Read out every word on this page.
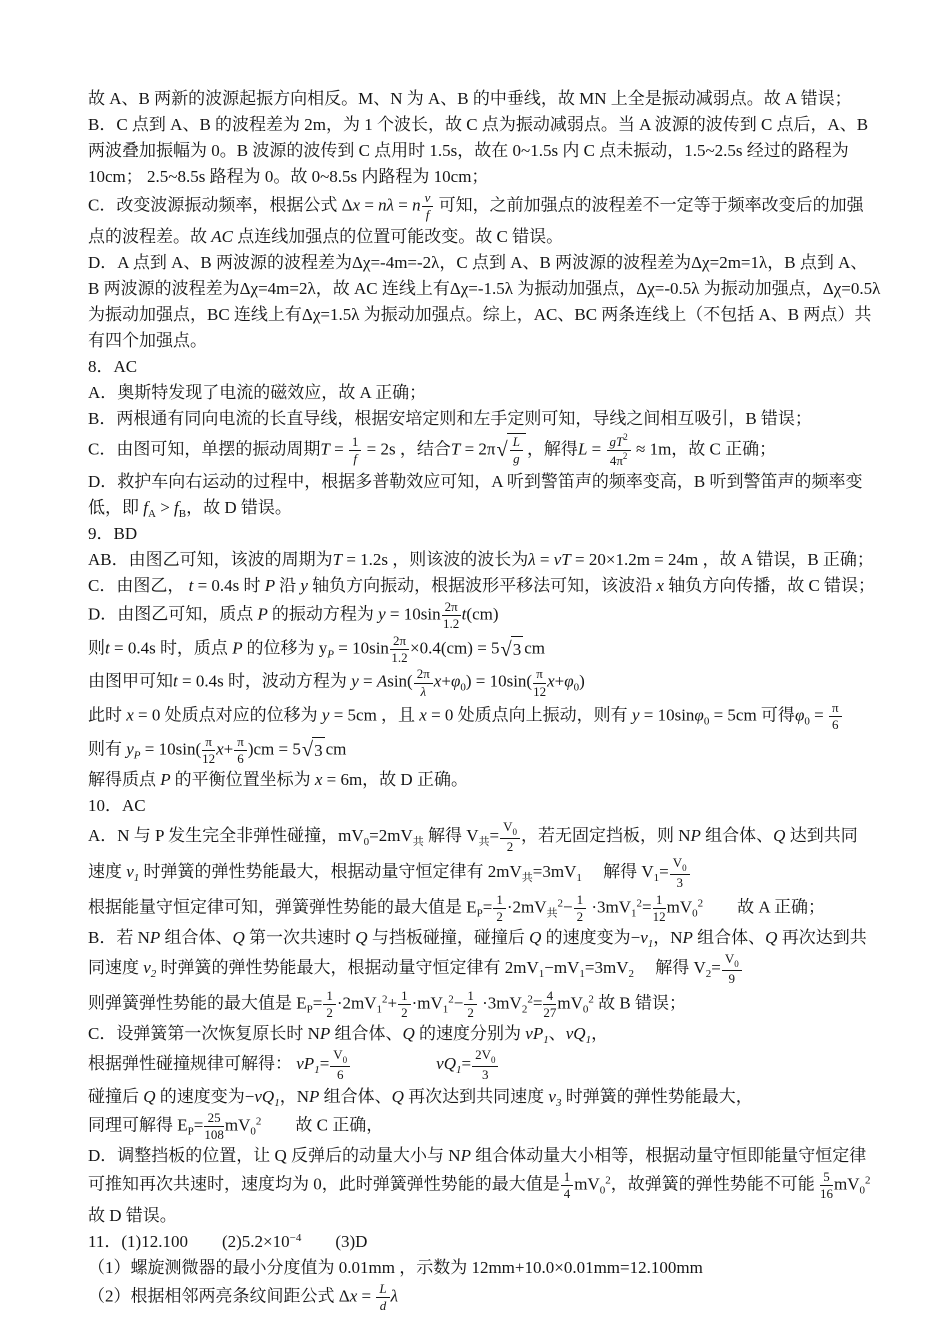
故 A、B 两新的波源起振方向相反。M、N 为 A、B 的中垂线，故 MN 上全是振动减弱点。故 A 错误；
B．C 点到 A、B 的波程差为 2m，为 1 个波长，故 C 点为振动减弱点。当 A 波源的波传到 C 点后，A、B
两波叠加振幅为 0。B 波源的波传到 C 点用时 1.5s，故在 0~1.5s 内 C 点未振动，1.5~2.5s 经过的路程为
10cm； 2.5~8.5s 路程为 0。故 0~8.5s 内路程为 10cm；
C．改变波源振动频率，根据公式 Δx = nλ = n $\frac{v}{f}$ 可知，之前加强点的波程差不一定等于频率改变后的加强
点的波程差。故 AC 点连线加强点的位置可能改变。故 C 错误。
D．A 点到 A、B 两波源的波程差为Δχ=-4m=-2λ，C 点到 A、B 两波源的波程差为Δχ=2m=1λ，B 点到 A、
B 两波源的波程差为Δχ=4m=2λ，故 AC 连线上有Δχ=-1.5λ 为振动加强点，Δχ=-0.5λ 为振动加强点，Δχ=0.5λ
为振动加强点，BC 连线上有Δχ=1.5λ 为振动加强点。综上，AC、BC 两条连线上（不包括 A、B 两点）共
有四个加强点。
8．AC
A．奥斯特发现了电流的磁效应，故 A 正确；
B．两根通有同向电流的长直导线，根据安培定则和左手定则可知，导线之间相互吸引，B 错误；
C．由图可知，单摆的振动周期$T = \frac{1}{f} = 2s$ ，结合T = 2π √ $\frac{L}{g}$ ，解得$L = \frac{gT^2}{4\pi^2} \approx 1m$，故 C 正确；
D．救护车向右运动的过程中，根据多普勒效应可知，A 听到警笛声的频率变高，B 听到警笛声的频率变
低，即 $f_A > f_B$，故 D 错误。
9．BD
AB．由图乙可知，该波的周期为T = 1.2s ，则该波的波长为λ = vT = 20×1.2m = 24m ，故 A 错误，B 正确；
C．由图乙， t = 0.4s 时 P 沿 y 轴负方向振动，根据波形平移法可知，该波沿 x 轴负方向传播，故 C 错误；
D．由图乙可知，质点 P 的振动方程为 $y = 10\sin \frac{2\pi}{1.2} t(cm)$
则t = 0.4s 时，质点 P 的位移为 $y_P = 10\sin \frac{2\pi}{1.2} \times 0.4(cm) = 5$ √ 3 cm
由图甲可知t = 0.4s 时，波动方程为 $y = Asin( \frac{2\pi}{\lambda} x+\varphi_0) = 10\sin( \frac{\pi}{12} x+\varphi_0)$
此时 x = 0 处质点对应的位移为 y = 5cm ，且 x = 0 处质点向上振动，则有 y = 10sinφ$_0$ = 5cm 可得$\varphi_0 = \frac{\pi}{6}$
则有 $y_P = 10\sin( \frac{\pi}{12} x+ \frac{\pi}{6} )cm = 5$ √ 3 cm
解得质点 P 的平衡位置坐标为 x = 6m，故 D 正确。
10．AC
A．N 与 P 发生完全非弹性碰撞，$mV_0=2mV_共$ 解得 $V_共= \frac{V_0}{2}$ ，若无固定挡板，则 NP 组合体、Q 达到共同
速度 $v_1$ 时弹簧的弹性势能最大，根据动量守恒定律有 $2mV_共=3mV_1$　 解得 $V_1= \frac{V_0}{3}$
根据能量守恒定律可知，弹簧弹性势能的最大值是 $E_P= \frac{1}{2} \cdot 2mV_共^2- \frac{1}{2} \cdot 3mV_1^2= \frac{1}{12} mV_0^2$　　故 A 正确；
B．若 NP 组合体、Q 第一次共速时 Q 与挡板碰撞，碰撞后 Q 的速度变为$-v_1$，NP 组合体、Q 再次达到共
同速度 $v_2$ 时弹簧的弹性势能最大，根据动量守恒定律有 $2mV_1-mV_1=3mV_2$　 解得 $V_2= \frac{V_0}{9}$
则弹簧弹性势能的最大值是 $E_P= \frac{1}{2} \cdot 2mV_1^2+ \frac{1}{2} \cdot mV_1^2- \frac{1}{2} \cdot 3mV_2^2= \frac{4}{27} mV_0^2$ 故 B 错误；
C．设弹簧第一次恢复原长时 NP 组合体、Q 的速度分别为 $vP_1$、$vQ_1$，
根据弹性碰撞规律可解得： $vP_1= \frac{V_0}{6}$
　　　　　	$vQ_1= \frac{2V_0}{3}$
碰撞后 Q 的速度变为$-vQ_1$，NP 组合体、Q 再次达到共同速度 $v_3$ 时弹簧的弹性势能最大，
同理可解得 $E_P= \frac{25}{108} mV_0^2$　　故 C 正确，
D．调整挡板的位置，让 Q 反弹后的动量大小与 NP 组合体动量大小相等，根据动量守恒即能量守恒定律
可推知再次共速时，速度均为 0，此时弹簧弹性势能的最大值是 $\frac{1}{4} mV_0^2$，故弹簧的弹性势能不可能 $\frac{5}{16} mV_0^2$
故 D 错误。
11．(1)12.100　　$(2)5.2\times 10^{-4}$　　(3)D
（1）螺旋测微器的最小分度值为 0.01mm ，示数为 12mm+10.0×0.01mm=12.100mm
（2）根据相邻两亮条纹间距公式 $\Delta x = \frac{L}{d}$ λ
